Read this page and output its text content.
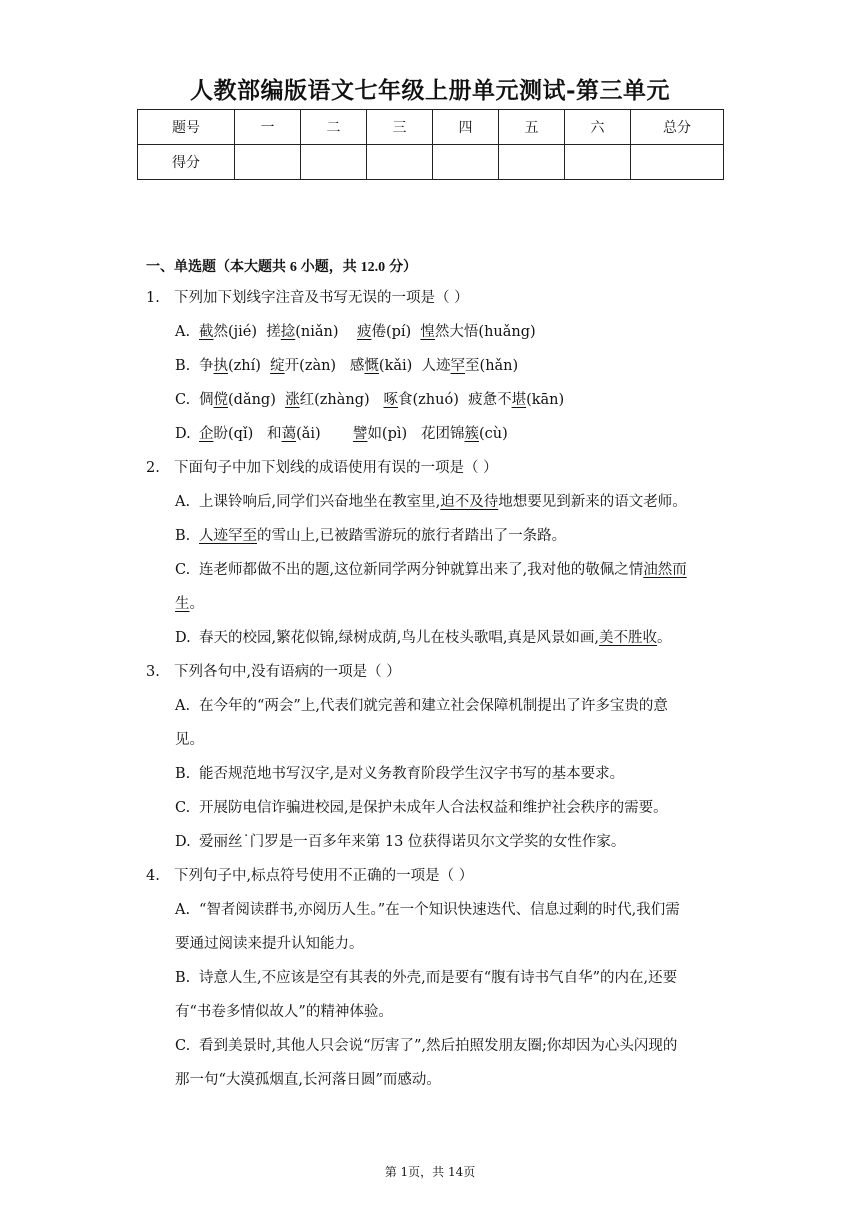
人教部编版语文七年级上册单元测试-第三单元
题号	一	二	三	四	五	六	总分
得分							
一、单选题（本大题共 6 小题，共 12.0 分）
1. 下列加下划线字注音及书写无误的一项是（ ）
A. 截然(jié)  搓捻(niǎn)    疲倦(pí)  惶然大悟(huǎng)
B. 争执(zhí)  绽开(zàn)   感慨(kǎi)  人迹罕至(hǎn)
C. 倜傥(dǎng)  涨红(zhàng)   啄食(zhuó)  疲惫不堪(kān)
D. 企盼(qǐ)   和蔼(ǎi)       譬如(pì)   花团锦簇(cù)
2. 下面句子中加下划线的成语使用有误的一项是（ ）
A. 上课铃响后,同学们兴奋地坐在教室里,迫不及待地想要见到新来的语文老师。
B. 人迹罕至的雪山上,已被踏雪游玩的旅行者踏出了一条路。
C. 连老师都做不出的题,这位新同学两分钟就算出来了,我对他的敬佩之情油然而
生。
D. 春天的校园,繁花似锦,绿树成荫,鸟儿在枝头歌唱,真是风景如画,美不胜收。
3. 下列各句中,没有语病的一项是（ ）
A. 在今年的“两会”上,代表们就完善和建立社会保障机制提出了许多宝贵的意
见。
B. 能否规范地书写汉字,是对义务教育阶段学生汉字书写的基本要求。
C. 开展防电信诈骗进校园,是保护未成年人合法权益和维护社会秩序的需要。
D. 爱丽丝˙门罗是一百多年来第 13 位获得诺贝尔文学奖的女性作家。
4. 下列句子中,标点符号使用不正确的一项是（ ）
A. “智者阅读群书,亦阅历人生。”在一个知识快速迭代、信息过剩的时代,我们需
要通过阅读来提升认知能力。
B. 诗意人生,不应该是空有其表的外壳,而是要有“腹有诗书气自华”的内在,还要
有“书卷多情似故人”的精神体验。
C. 看到美景时,其他人只会说“厉害了”,然后拍照发朋友圈;你却因为心头闪现的
那一句“大漠孤烟直,长河落日圆”而感动。
第 1页，共 14页
